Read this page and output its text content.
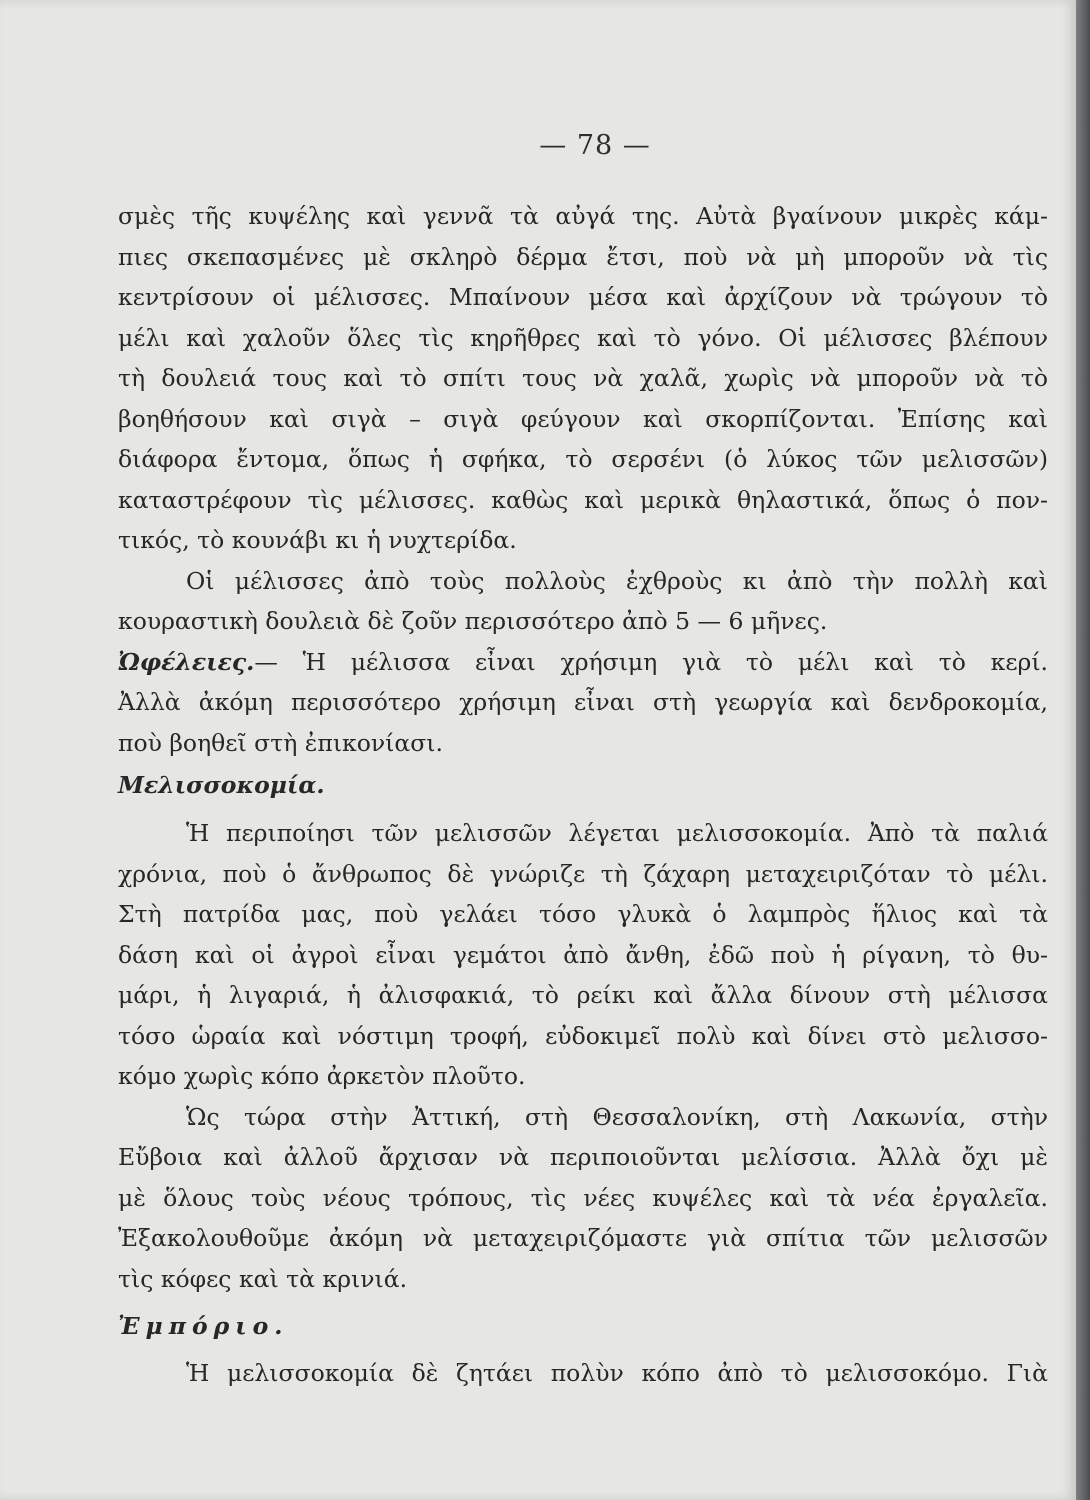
— 78 —
σμὲς τῆς κυψέλης καὶ γεννᾶ τὰ αὐγά της. Αὐτὰ βγαίνουν μικρὲς κάμ-
πιες σκεπασμένες μὲ σκληρὸ δέρμα ἔτσι, ποὺ νὰ μὴ μποροῦν νὰ τὶς
κεντρίσουν οἱ μέλισσες. Μπαίνουν μέσα καὶ ἀρχίζουν νὰ τρώγουν τὸ
μέλι καὶ χαλοῦν ὅλες τὶς κηρῆθρες καὶ τὸ γόνο. Οἱ μέλισσες βλέπουν
τὴ δουλειά τους καὶ τὸ σπίτι τους νὰ χαλᾶ, χωρὶς νὰ μποροῦν νὰ τὸ
βοηθήσουν καὶ σιγὰ – σιγὰ φεύγουν καὶ σκορπίζονται. Ἐπίσης καὶ
διάφορα ἔντομα, ὅπως ἡ σφήκα, τὸ σερσένι (ὁ λύκος τῶν μελισσῶν)
καταστρέφουν τὶς μέλισσες. καθὼς καὶ μερικὰ θηλαστικά, ὅπως ὁ πον-
τικός, τὸ κουνάβι κι ἡ νυχτερίδα.
Οἱ μέλισσες ἀπὸ τοὺς πολλοὺς ἐχθροὺς κι ἀπὸ τὴν πολλὴ καὶ
κουραστικὴ δουλειὰ δὲ ζοῦν περισσότερο ἀπὸ 5 — 6 μῆνες.
Ὠφέλειες.— Ἡ μέλισσα εἶναι χρήσιμη γιὰ τὸ μέλι καὶ τὸ κερί.
Ἀλλὰ ἀκόμη περισσότερο χρήσιμη εἶναι στὴ γεωργία καὶ δενδροκομία,
ποὺ βοηθεῖ στὴ ἐπικονίασι.
Μελισσοκομία.
Ἡ περιποίησι τῶν μελισσῶν λέγεται μελισσοκομία. Ἀπὸ τὰ παλιά
χρόνια, ποὺ ὁ ἄνθρωπος δὲ γνώριζε τὴ ζάχαρη μεταχειριζόταν τὸ μέλι.
Στὴ πατρίδα μας, ποὺ γελάει τόσο γλυκὰ ὁ λαμπρὸς ἥλιος καὶ τὰ
δάση καὶ οἱ ἀγροὶ εἶναι γεμάτοι ἀπὸ ἄνθη, ἐδῶ ποὺ ἡ ρίγανη, τὸ θυ-
μάρι, ἡ λιγαριά, ἡ ἀλισφακιά, τὸ ρείκι καὶ ἄλλα δίνουν στὴ μέλισσα
τόσο ὡραία καὶ νόστιμη τροφή, εὐδοκιμεῖ πολὺ καὶ δίνει στὸ μελισσο-
κόμο χωρὶς κόπο ἀρκετὸν πλοῦτο.
Ὡς τώρα στὴν Ἀττική, στὴ Θεσσαλονίκη, στὴ Λακωνία, στὴν
Εὔβοια καὶ ἀλλοῦ ἄρχισαν νὰ περιποιοῦνται μελίσσια. Ἀλλὰ ὄχι μὲ
μὲ ὅλους τοὺς νέους τρόπους, τὶς νέες κυψέλες καὶ τὰ νέα ἐργαλεῖα.
Ἐξακολουθοῦμε ἀκόμη νὰ μεταχειριζόμαστε γιὰ σπίτια τῶν μελισσῶν
τὶς κόφες καὶ τὰ κρινιά.
Ἐμπόριο.
Ἡ μελισσοκομία δὲ ζητάει πολὺν κόπο ἀπὸ τὸ μελισσοκόμο. Γιὰ
